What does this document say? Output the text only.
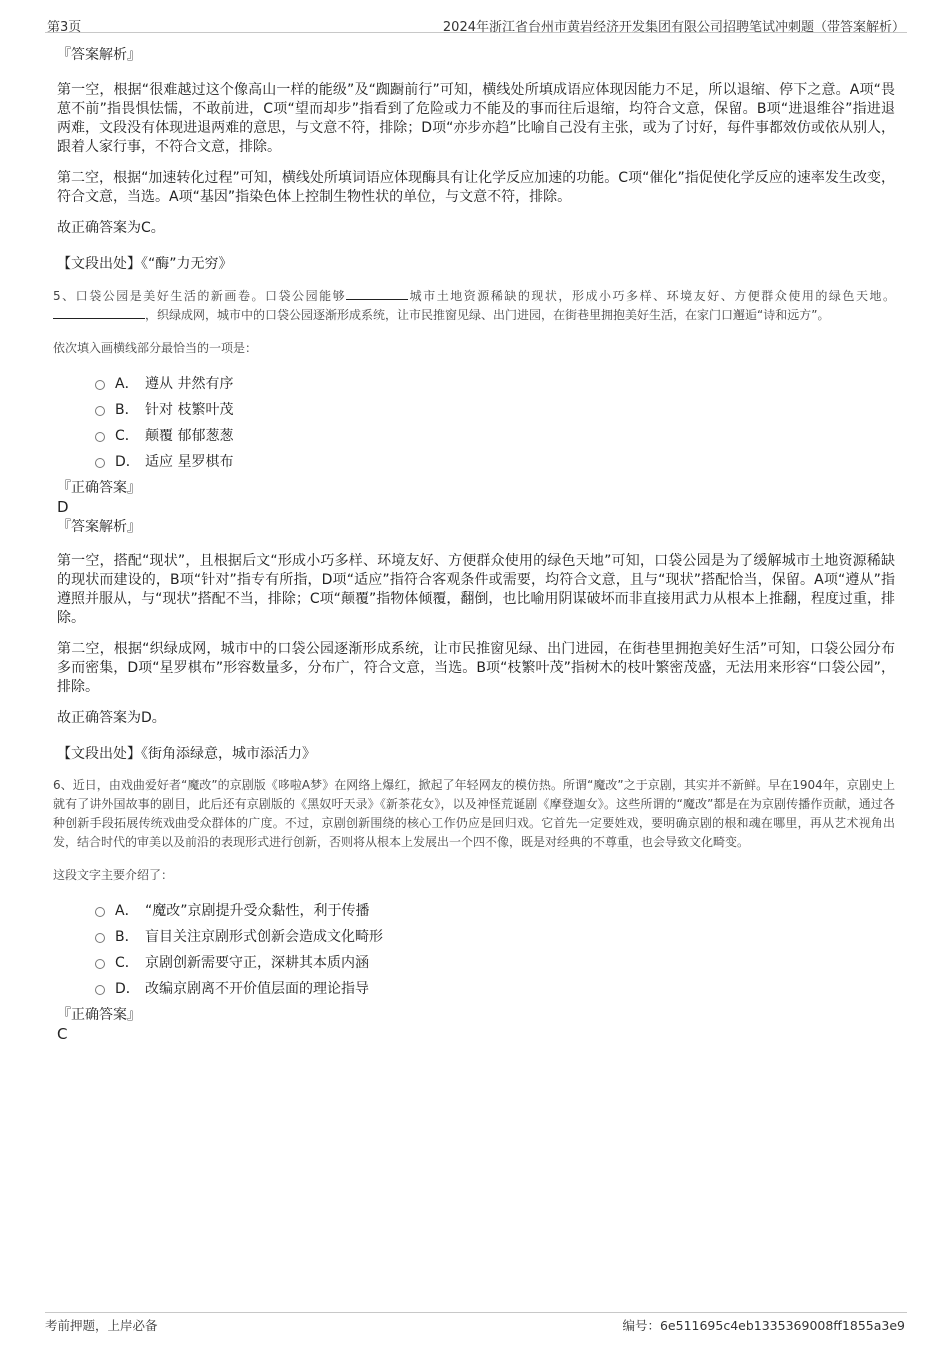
第3页	2024年浙江省台州市黄岩经济开发集团有限公司招聘笔试冲刺题（带答案解析）

『答案解析』

第一空，根据“很难越过这个像高山一样的能级”及“踟蹰前行”可知，横线处所填成语应体现因能力不足，所以退缩、停下之意。A项“畏葸不前”指畏惧怯懦，不敢前进，C项“望而却步”指看到了危险或力不能及的事而往后退缩，均符合文意，保留。B项“进退维谷”指进退两难，文段没有体现进退两难的意思，与文意不符，排除；D项“亦步亦趋”比喻自己没有主张，或为了讨好，每件事都效仿或依从别人，跟着人家行事，不符合文意，排除。

第二空，根据“加速转化过程”可知，横线处所填词语应体现酶具有让化学反应加速的功能。C项“催化”指促使化学反应的速率发生改变，符合文意，当选。A项“基因”指染色体上控制生物性状的单位，与文意不符，排除。

故正确答案为C。

【文段出处】《“酶”力无穷》

5、口袋公园是美好生活的新画卷。口袋公园能够	城市土地资源稀缺的现状，形成小巧多样、环境友好、方便群众使用的绿色天地。，织绿成网，城市中的口袋公园逐渐形成系统，让市民推窗见绿、出门进园，在街巷里拥抱美好生活，在家门口邂逅“诗和远方”。

依次填入画横线部分最恰当的一项是：

A． 遵从 井然有序
B． 针对 枝繁叶茂
C． 颠覆 郁郁葱葱
D． 适应 星罗棋布

『正确答案』

D

『答案解析』

第一空，搭配“现状”，且根据后文“形成小巧多样、环境友好、方便群众使用的绿色天地”可知，口袋公园是为了缓解城市土地资源稀缺的现状而建设的，B项“针对”指专有所指，D项“适应”指符合客观条件或需要，均符合文意，且与“现状”搭配恰当，保留。A项“遵从”指遵照并服从，与“现状”搭配不当，排除；C项“颠覆”指物体倾覆，翻倒，也比喻用阴谋破坏而非直接用武力从根本上推翻，程度过重，排除。

第二空，根据“织绿成网，城市中的口袋公园逐渐形成系统，让市民推窗见绿、出门进园，在街巷里拥抱美好生活”可知，口袋公园分布多而密集，D项“星罗棋布”形容数量多，分布广，符合文意，当选。B项“枝繁叶茂”指树木的枝叶繁密茂盛，无法用来形容“口袋公园”，排除。

故正确答案为D。

【文段出处】《街角添绿意，城市添活力》

6、近日，由戏曲爱好者“魔改”的京剧版《哆啦A梦》在网络上爆红，掀起了年轻网友的模仿热。所谓“魔改”之于京剧，其实并不新鲜。早在1904年，京剧史上就有了讲外国故事的剧目，此后还有京剧版的《黑奴吁天录》《新茶花女》，以及神怪荒诞剧《摩登迦女》。这些所谓的“魔改”都是在为京剧传播作贡献，通过各种创新手段拓展传统戏曲受众群体的广度。不过，京剧创新围绕的核心工作仍应是回归戏。它首先一定要姓戏，要明确京剧的根和魂在哪里，再从艺术视角出发，结合时代的审美以及前沿的表现形式进行创新，否则将从根本上发展出一个四不像，既是对经典的不尊重，也会导致文化畸变。

这段文字主要介绍了：

A． “魔改”京剧提升受众黏性，利于传播
B． 盲目关注京剧形式创新会造成文化畸形
C． 京剧创新需要守正，深耕其本质内涵
D． 改编京剧离不开价值层面的理论指导

『正确答案』

C

考前押题，上岸必备	编号：6e511695c4eb1335369008ff1855a3e9
